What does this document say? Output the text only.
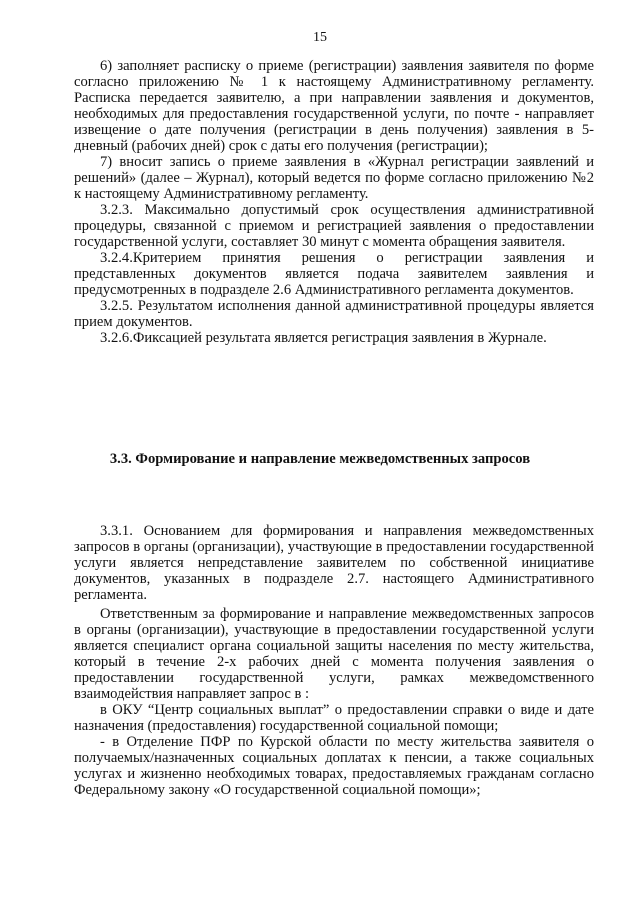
15

6) заполняет расписку о приеме (регистрации) заявления заявителя по форме согласно приложению № 1 к настоящему Административному регламенту. Расписка передается заявителю, а при направлении заявления и документов, необходимых для предоставления государственной услуги, по почте - направляет извещение о дате получения (регистрации в день получения) заявления в 5-дневный (рабочих дней) срок с даты его получения (регистрации);

7) вносит запись о приеме заявления в «Журнал регистрации заявлений и решений» (далее – Журнал), который ведется по форме согласно приложению №2 к настоящему Административному регламенту.

3.2.3. Максимально допустимый срок осуществления административной процедуры, связанной с приемом и регистрацией заявления о предоставлении государственной услуги, составляет 30 минут с момента обращения заявителя.

3.2.4.Критерием принятия решения о регистрации заявления и представленных документов является подача заявителем заявления и предусмотренных в подразделе 2.6 Административного регламента документов.

3.2.5. Результатом исполнения данной административной процедуры является прием документов.

3.2.6.Фиксацией результата является регистрация заявления в Журнале.

3.3. Формирование и направление межведомственных запросов

3.3.1. Основанием для формирования и направления межведомственных запросов в органы (организации), участвующие в предоставлении государственной услуги является непредставление заявителем по собственной инициативе документов, указанных в подразделе 2.7. настоящего Административного регламента.

Ответственным за формирование и направление межведомственных запросов в органы (организации), участвующие в предоставлении государственной услуги является специалист органа социальной защиты населения по месту жительства, который в течение 2-х рабочих дней с момента получения заявления о предоставлении государственной услуги, рамках межведомственного взаимодействия направляет запрос в :

в ОКУ “Центр социальных выплат” о предоставлении справки о виде и дате назначения (предоставления) государственной социальной помощи;

- в Отделение ПФР по Курской области по месту жительства заявителя о получаемых/назначенных социальных доплатах к пенсии, а также социальных услугах и жизненно необходимых товарах, предоставляемых гражданам согласно Федеральному закону «О государственной социальной помощи»;
